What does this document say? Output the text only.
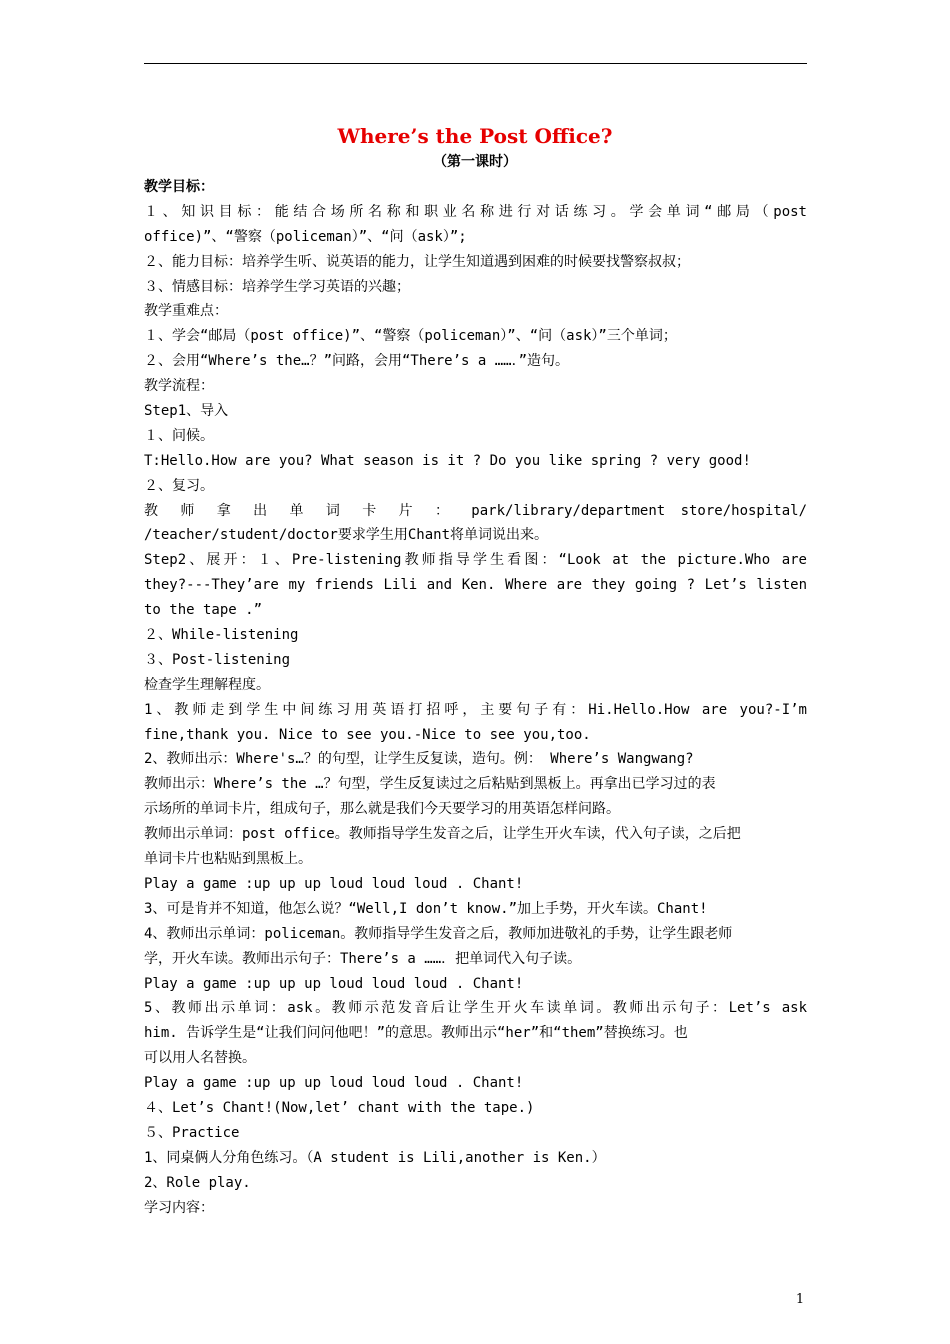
Where’s the Post Office?
（第一课时）
教学目标：
１、知识目标：能结合场所名称和职业名称进行对话练习。学会单词“邮局（post
office)”、“警察（policeman）”、“问（ask）”;
２、能力目标：培养学生听、说英语的能力，让学生知道遇到困难的时候要找警察叔叔；
３、情感目标：培养学生学习英语的兴趣；
教学重难点：
１、学会“邮局（post office)”、“警察（policeman）”、“问（ask）”三个单词；
２、会用“Where’s the…？”问路，会用“There’s a ……．”造句。
教学流程：
Step1、导入
１、问候。
T:Hello.How are you? What season is it ? Do you like spring ? very good!
２、复习。
教 师 拿 出 单 词 卡 片 ： park/library/department store/hospital/
/teacher/student/doctor要求学生用Chant将单词说出来。
Step2、展开：１、Pre-listening教师指导学生看图：“Look at the picture.Who are
they?---They’are my friends Lili and Ken. Where are they going ? Let’s listen
to the tape .”
２、While-listening
３、Post-listening
检查学生理解程度。
1、教师走到学生中间练习用英语打招呼，主要句子有：Hi.Hello.How are you?-I’m
fine,thank you. Nice to see you.-Nice to see you,too.
2、教师出示：Where's…？的句型，让学生反复读，造句。例： Where’s Wangwang?
教师出示：Where’s the …？句型，学生反复读过之后粘贴到黑板上。再拿出已学习过的表
示场所的单词卡片，组成句子，那么就是我们今天要学习的用英语怎样问路。
教师出示单词：post office。教师指导学生发音之后，让学生开火车读，代入句子读，之后把
单词卡片也粘贴到黑板上。
Play a game :up up up loud loud loud . Chant!
3、可是肯并不知道，他怎么说？“Well,I don’t know.”加上手势，开火车读。Chant!
4、教师出示单词：policeman。教师指导学生发音之后，教师加进敬礼的手势，让学生跟老师
学，开火车读。教师出示句子：There’s a ……．把单词代入句子读。
Play a game :up up up loud loud loud . Chant!
5、教师出示单词：ask。教师示范发音后让学生开火车读单词。教师出示句子：Let’s ask
him. 告诉学生是“让我们问问他吧！”的意思。教师出示“her”和“them”替换练习。也
可以用人名替换。
Play a game :up up up loud loud loud . Chant!
４、Let’s Chant!(Now,let’ chant with the tape.)
５、Practice
1、同桌俩人分角色练习。（A student is Lili,another is Ken.）
2、Role play.
学习内容：
1
